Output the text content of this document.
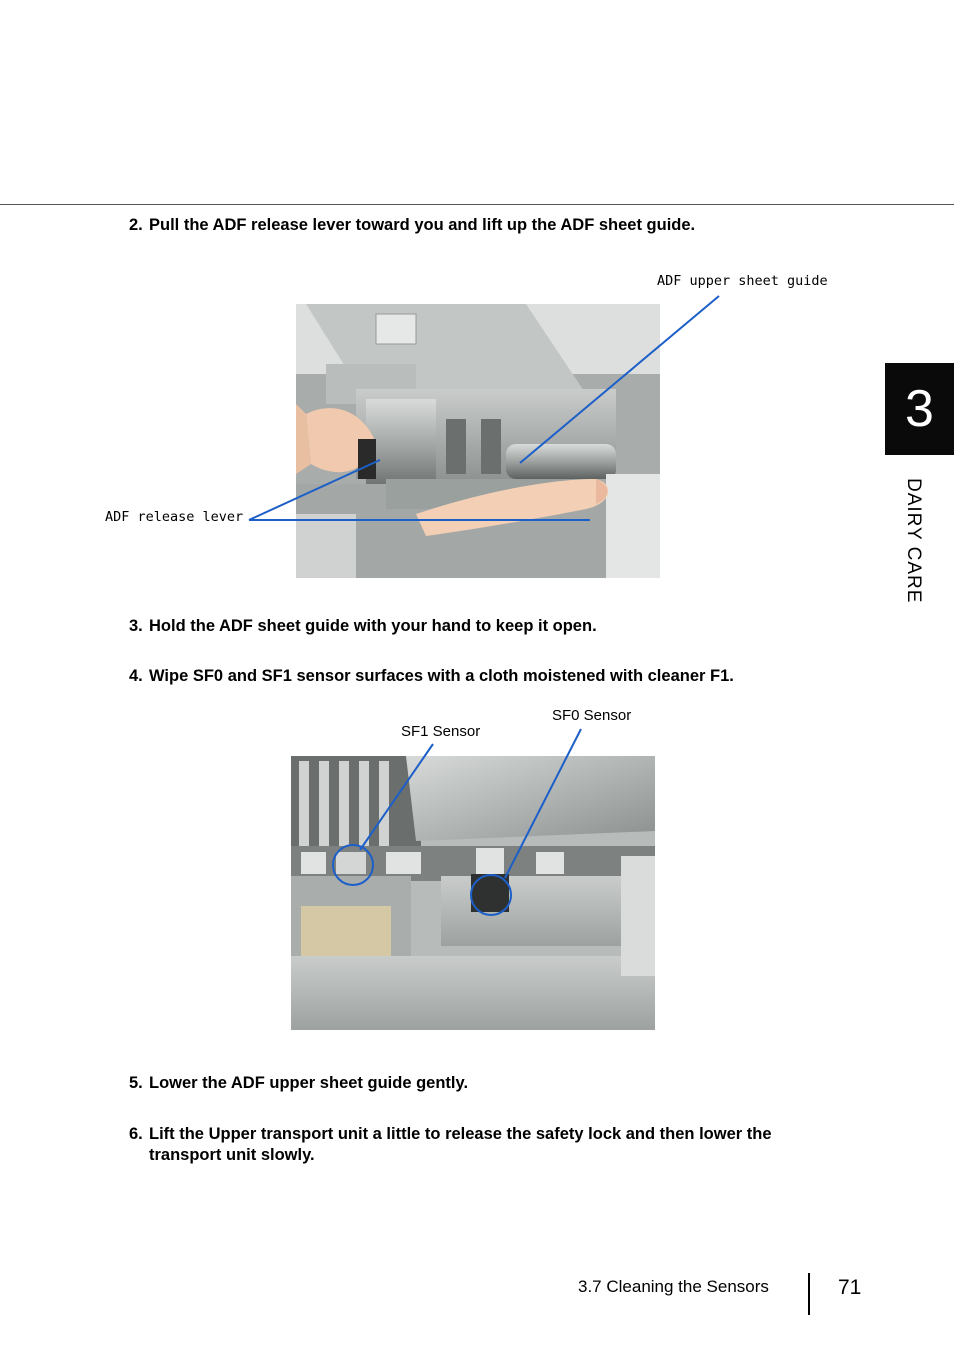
2. Pull the ADF release lever toward you and lift up the ADF sheet guide.

ADF upper sheet guide
ADF release lever

3. Hold the ADF sheet guide with your hand to keep it open.

4. Wipe SF0 and SF1 sensor surfaces with a cloth moistened with cleaner F1.

SF0 Sensor
SF1 Sensor

5. Lower the ADF upper sheet guide gently.

6. Lift the Upper transport unit a little to release the safety lock and then lower the
transport unit slowly.

3
DAIRY CARE
3.7 Cleaning the Sensors	71
